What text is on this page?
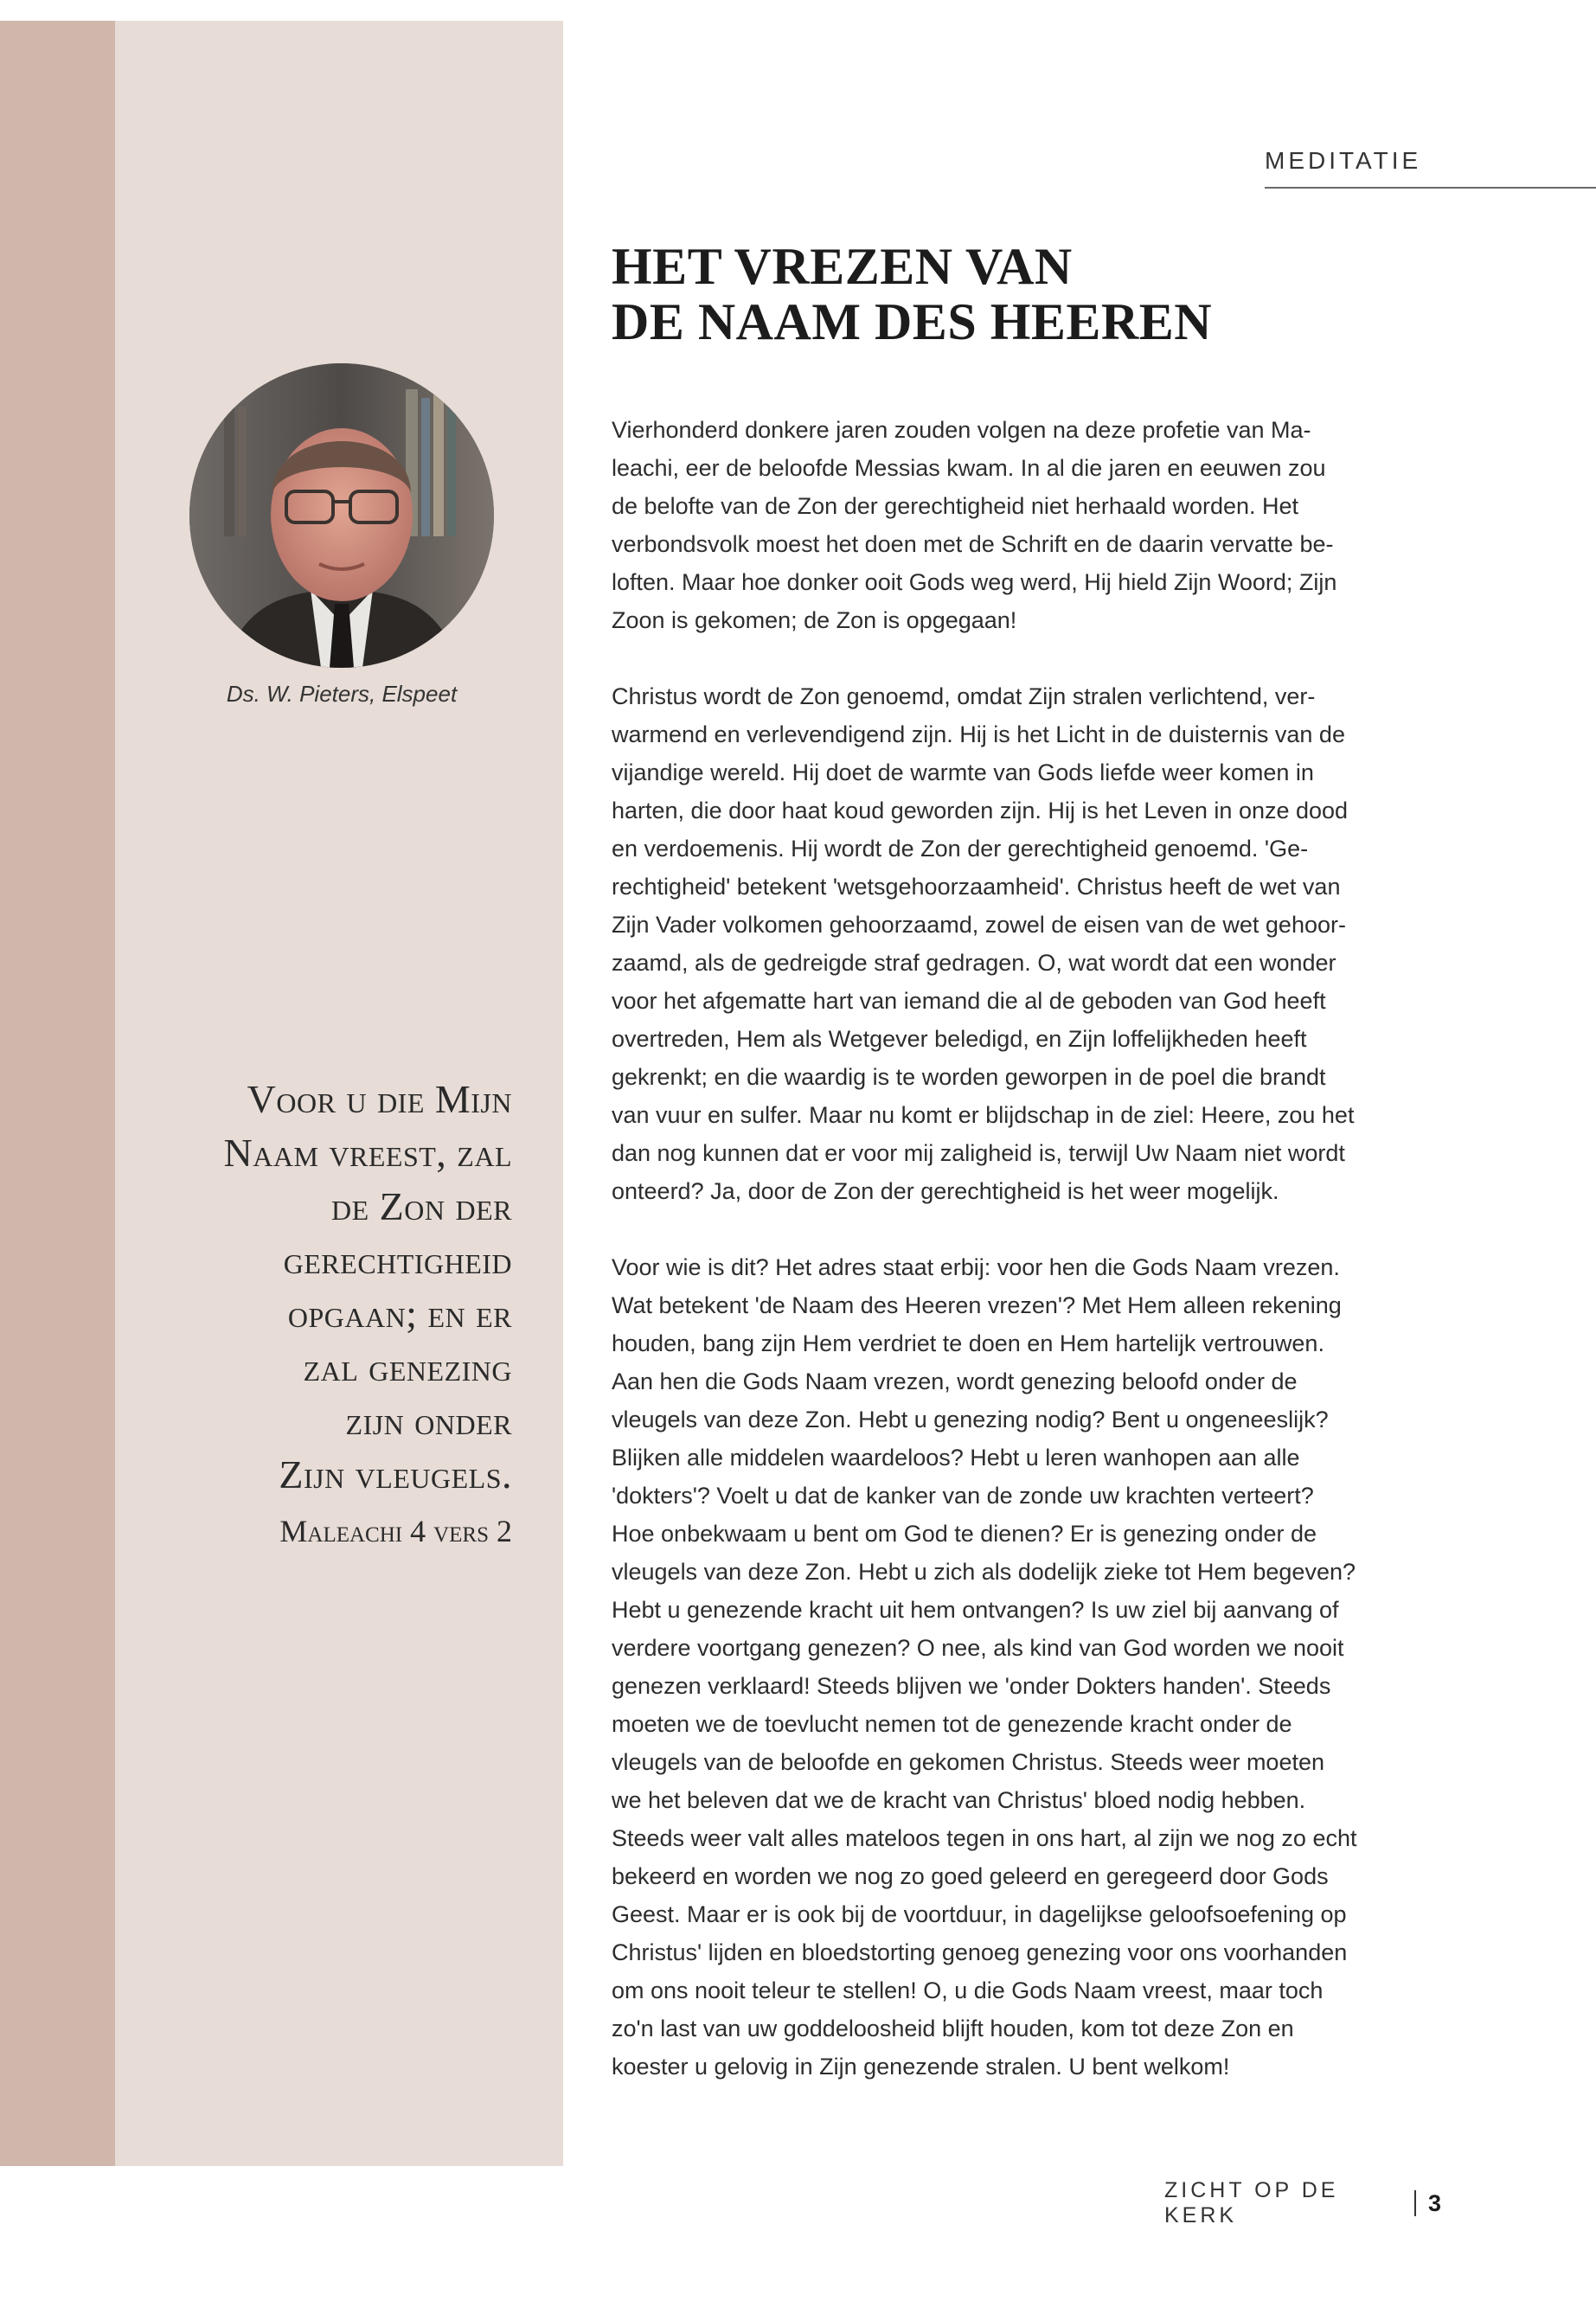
MEDITATIE
HET VREZEN VAN
DE NAAM DES HEEREN
Ds. W. Pieters, Elspeet
Voor u die Mijn
Naam vreest, zal
de Zon der
gerechtigheid
opgaan; en er
zal genezing
zijn onder
Zijn vleugels.
Maleachi 4 vers 2

Vierhonderd donkere jaren zouden volgen na deze profetie van Ma-
leachi, eer de beloofde Messias kwam. In al die jaren en eeuwen zou
de belofte van de Zon der gerechtigheid niet herhaald worden. Het
verbondsvolk moest het doen met de Schrift en de daarin vervatte be-
loften. Maar hoe donker ooit Gods weg werd, Hij hield Zijn Woord; Zijn
Zoon is gekomen; de Zon is opgegaan!

Christus wordt de Zon genoemd, omdat Zijn stralen verlichtend, ver-
warmend en verlevendigend zijn. Hij is het Licht in de duisternis van de
vijandige wereld. Hij doet de warmte van Gods liefde weer komen in
harten, die door haat koud geworden zijn. Hij is het Leven in onze dood
en verdoemenis. Hij wordt de Zon der gerechtigheid genoemd. 'Ge-
rechtigheid' betekent 'wetsgehoorzaamheid'. Christus heeft de wet van
Zijn Vader volkomen gehoorzaamd, zowel de eisen van de wet gehoor-
zaamd, als de gedreigde straf gedragen. O, wat wordt dat een wonder
voor het afgematte hart van iemand die al de geboden van God heeft
overtreden, Hem als Wetgever beledigd, en Zijn loffelijkheden heeft
gekrenkt; en die waardig is te worden geworpen in de poel die brandt
van vuur en sulfer. Maar nu komt er blijdschap in de ziel: Heere, zou het
dan nog kunnen dat er voor mij zaligheid is, terwijl Uw Naam niet wordt
onteerd? Ja, door de Zon der gerechtigheid is het weer mogelijk.

Voor wie is dit? Het adres staat erbij: voor hen die Gods Naam vrezen.
Wat betekent 'de Naam des Heeren vrezen'? Met Hem alleen rekening
houden, bang zijn Hem verdriet te doen en Hem hartelijk vertrouwen.
Aan hen die Gods Naam vrezen, wordt genezing beloofd onder de
vleugels van deze Zon. Hebt u genezing nodig? Bent u ongeneeslijk?
Blijken alle middelen waardeloos? Hebt u leren wanhopen aan alle
'dokters'? Voelt u dat de kanker van de zonde uw krachten verteert?
Hoe onbekwaam u bent om God te dienen? Er is genezing onder de
vleugels van deze Zon. Hebt u zich als dodelijk zieke tot Hem begeven?
Hebt u genezende kracht uit hem ontvangen? Is uw ziel bij aanvang of
verdere voortgang genezen? O nee, als kind van God worden we nooit
genezen verklaard! Steeds blijven we 'onder Dokters handen'. Steeds
moeten we de toevlucht nemen tot de genezende kracht onder de
vleugels van de beloofde en gekomen Christus. Steeds weer moeten
we het beleven dat we de kracht van Christus' bloed nodig hebben.
Steeds weer valt alles mateloos tegen in ons hart, al zijn we nog zo echt
bekeerd en worden we nog zo goed geleerd en geregeerd door Gods
Geest. Maar er is ook bij de voortduur, in dagelijkse geloofsoefening op
Christus' lijden en bloedstorting genoeg genezing voor ons voorhanden
om ons nooit teleur te stellen! O, u die Gods Naam vreest, maar toch
zo'n last van uw goddeloosheid blijft houden, kom tot deze Zon en
koester u gelovig in Zijn genezende stralen. U bent welkom!

ZICHT OP DE KERK	3
